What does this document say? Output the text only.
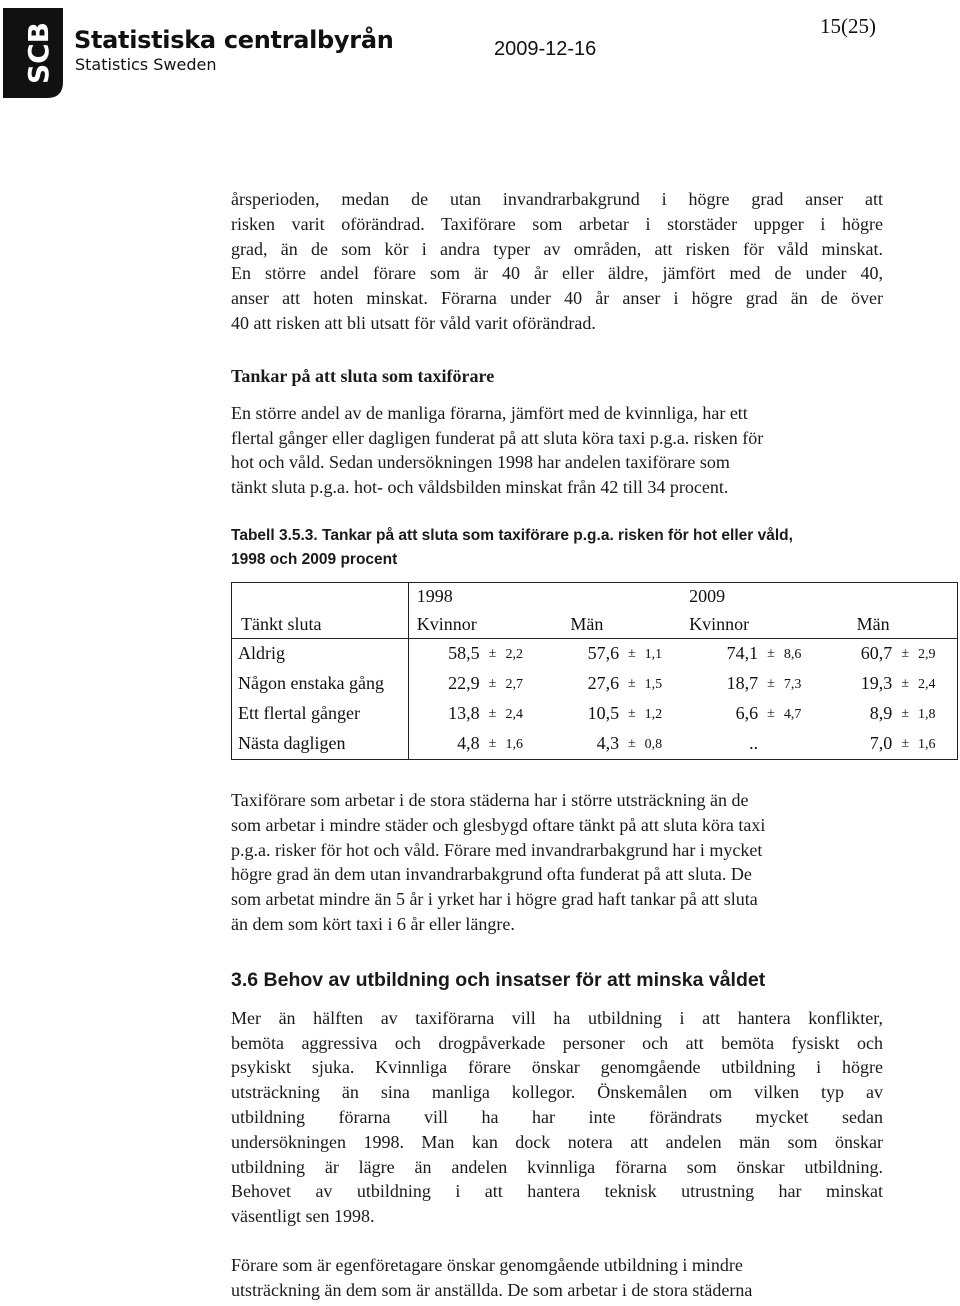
SCB Statistiska centralbyrån
Statistics Sweden
2009-12-16
15(25)

årsperioden, medan de utan invandrarbakgrund i högre grad anser att
risken varit oförändrad. Taxiförare som arbetar i storstäder uppger i högre
grad, än de som kör i andra typer av områden, att risken för våld minskat.
En större andel förare som är 40 år eller äldre, jämfört med de under 40,
anser att hoten minskat. Förarna under 40 år anser i högre grad än de över
40 att risken att bli utsatt för våld varit oförändrad.

Tankar på att sluta som taxiförare

En större andel av de manliga förarna, jämfört med de kvinnliga, har ett
flertal gånger eller dagligen funderat på att sluta köra taxi p.g.a. risken för
hot och våld. Sedan undersökningen 1998 har andelen taxiförare som
tänkt sluta p.g.a. hot- och våldsbilden minskat från 42 till 34 procent.

Tabell 3.5.3. Tankar på att sluta som taxiförare p.g.a. risken för hot eller våld,
1998 och 2009 procent
	1998						2009					
Tänkt sluta	Kvinnor			Män			Kvinnor			Män		
Aldrig	58,5	±	2,2	57,6	±	1,1	74,1	±	8,6	60,7	±	2,9
Någon enstaka gång	22,9	±	2,7	27,6	±	1,5	18,7	±	7,3	19,3	±	2,4
Ett flertal gånger	13,8	±	2,4	10,5	±	1,2	6,6	±	4,7	8,9	±	1,8
Nästa dagligen	4,8	±	1,6	4,3	±	0,8	..			7,0	±	1,6

Taxiförare som arbetar i de stora städerna har i större utsträckning än de
som arbetar i mindre städer och glesbygd oftare tänkt på att sluta köra taxi
p.g.a. risker för hot och våld. Förare med invandrarbakgrund har i mycket
högre grad än dem utan invandrarbakgrund ofta funderat på att sluta. De
som arbetat mindre än 5 år i yrket har i högre grad haft tankar på att sluta
än dem som kört taxi i 6 år eller längre.

3.6 Behov av utbildning och insatser för att minska våldet

Mer än hälften av taxiförarna vill ha utbildning i att hantera konflikter,
bemöta aggressiva och drogpåverkade personer och att bemöta fysiskt och
psykiskt sjuka. Kvinnliga förare önskar genomgående utbildning i högre
utsträckning än sina manliga kollegor. Önskemålen om vilken typ av
utbildning förarna vill ha har inte förändrats mycket sedan
undersökningen 1998. Man kan dock notera att andelen män som önskar
utbildning är lägre än andelen kvinnliga förarna som önskar utbildning.
Behovet av utbildning i att hantera teknisk utrustning har minskat
väsentligt sen 1998.

Förare som är egenföretagare önskar genomgående utbildning i mindre
utsträckning än dem som är anställda. De som arbetar i de stora städerna
